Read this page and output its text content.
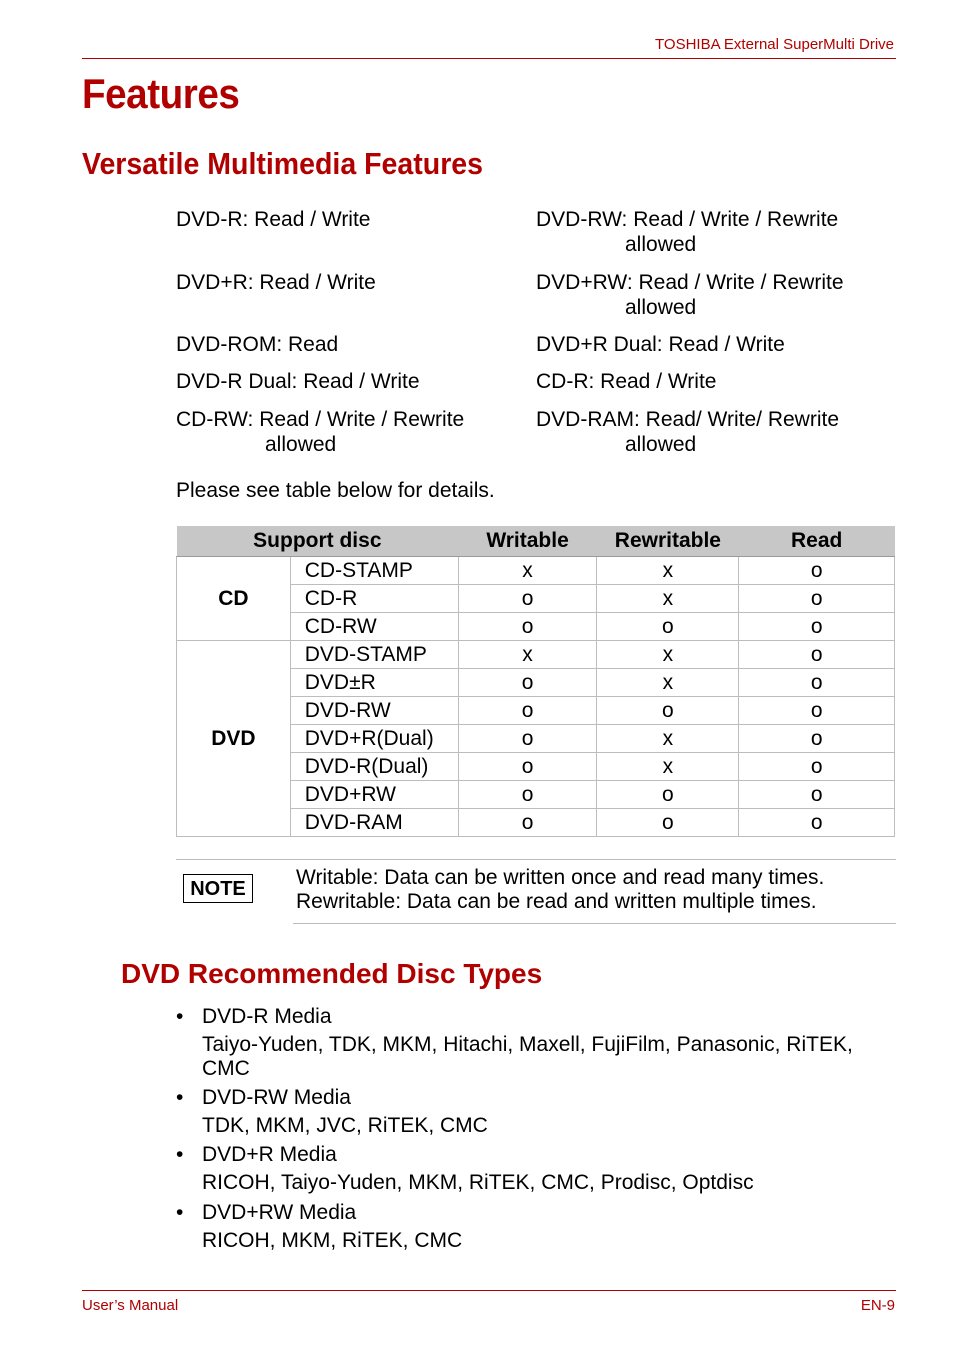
TOSHIBA External SuperMulti Drive
Features
Versatile Multimedia Features
DVD-R: Read / Write
DVD+R: Read / Write
DVD-ROM: Read
DVD-R Dual: Read / Write
CD-RW: Read / Write / Rewrite
allowed
DVD-RW: Read / Write / Rewrite
allowed
DVD+RW: Read / Write / Rewrite
allowed
DVD+R Dual: Read / Write
CD-R: Read / Write
DVD-RAM: Read/ Write/ Rewrite
allowed
Please see table below for details.
Support disc		Writable	Rewritable	Read
CD	CD-STAMP	x	x	o
	CD-R	o	x	o
	CD-RW	o	o	o
DVD	DVD-STAMP	x	x	o
	DVD±R	o	x	o
	DVD-RW	o	o	o
	DVD+R(Dual)	o	x	o
	DVD-R(Dual)	o	x	o
	DVD+RW	o	o	o
	DVD-RAM	o	o	o
NOTE	Writable: Data can be written once and read many times.
Rewritable: Data can be read and written multiple times.
DVD Recommended Disc Types
• DVD-R Media
Taiyo-Yuden, TDK, MKM, Hitachi, Maxell, FujiFilm, Panasonic, RiTEK,
CMC
• DVD-RW Media
TDK, MKM, JVC, RiTEK, CMC
• DVD+R Media
RICOH, Taiyo-Yuden, MKM, RiTEK, CMC, Prodisc, Optdisc
• DVD+RW Media
RICOH, MKM, RiTEK, CMC
User’s Manual	EN-9
